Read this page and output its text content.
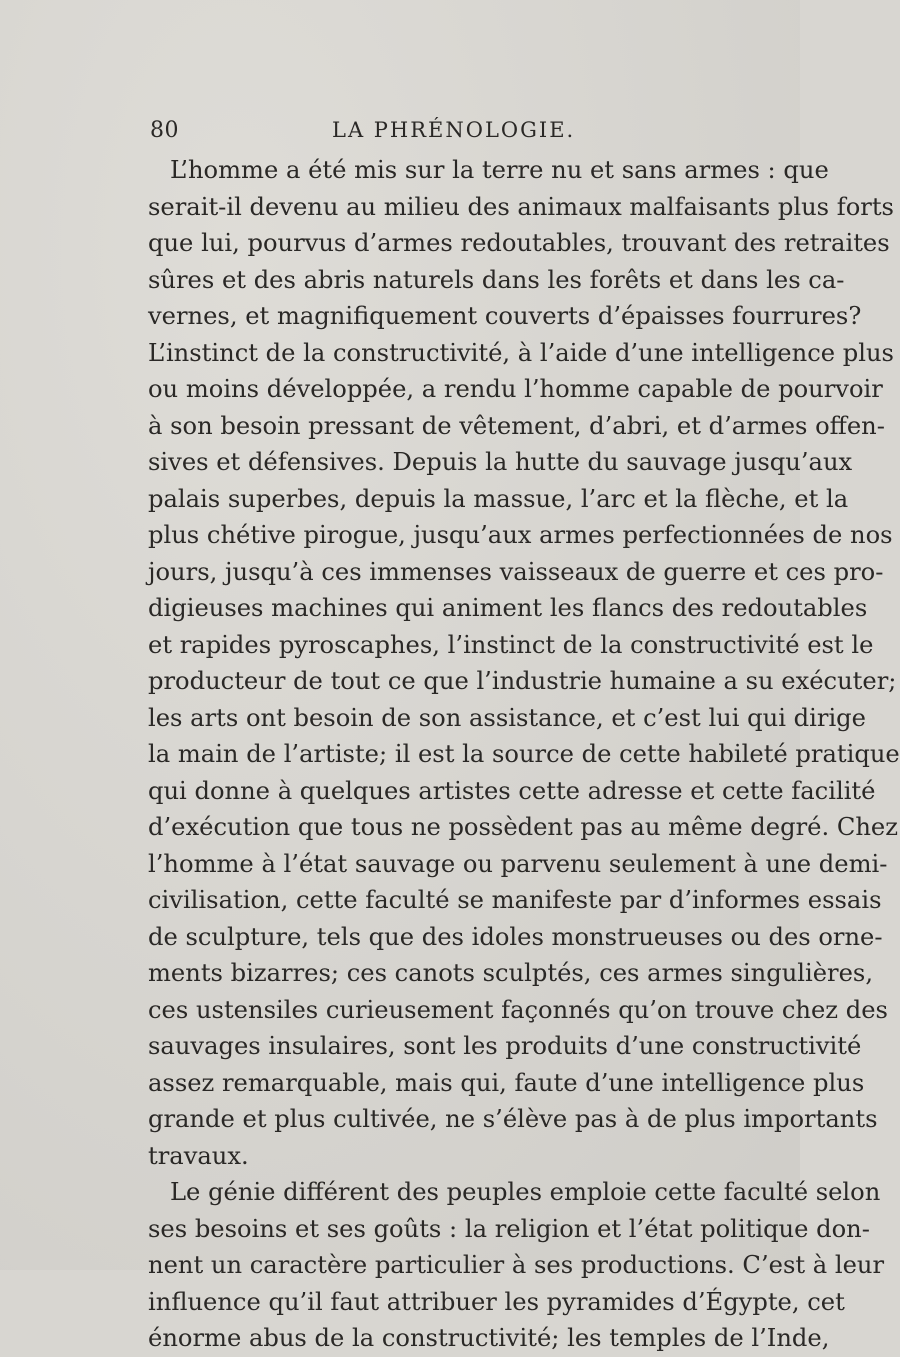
80	LA PHRÉNOLOGIE.
L’homme a été mis sur la terre nu et sans armes : que
serait-il devenu au milieu des animaux malfaisants plus forts
que lui, pourvus d’armes redoutables, trouvant des retraites
sûres et des abris naturels dans les forêts et dans les ca-
vernes, et magnifiquement couverts d’épaisses fourrures?
L’instinct de la constructivité, à l’aide d’une intelligence plus
ou moins développée, a rendu l’homme capable de pourvoir
à son besoin pressant de vêtement, d’abri, et d’armes offen-
sives et défensives. Depuis la hutte du sauvage jusqu’aux
palais superbes, depuis la massue, l’arc et la flèche, et la
plus chétive pirogue, jusqu’aux armes perfectionnées de nos
jours, jusqu’à ces immenses vaisseaux de guerre et ces pro-
digieuses machines qui animent les flancs des redoutables
et rapides pyroscaphes, l’instinct de la constructivité est le
producteur de tout ce que l’industrie humaine a su exécuter;
les arts ont besoin de son assistance, et c’est lui qui dirige
la main de l’artiste; il est la source de cette habileté pratique
qui donne à quelques artistes cette adresse et cette facilité
d’exécution que tous ne possèdent pas au même degré. Chez
l’homme à l’état sauvage ou parvenu seulement à une demi-
civilisation, cette faculté se manifeste par d’informes essais
de sculpture, tels que des idoles monstrueuses ou des orne-
ments bizarres; ces canots sculptés, ces armes singulières,
ces ustensiles curieusement façonnés qu’on trouve chez des
sauvages insulaires, sont les produits d’une constructivité
assez remarquable, mais qui, faute d’une intelligence plus
grande et plus cultivée, ne s’élève pas à de plus importants
travaux.
Le génie différent des peuples emploie cette faculté selon
ses besoins et ses goûts : la religion et l’état politique don-
nent un caractère particulier à ses productions. C’est à leur
influence qu’il faut attribuer les pyramides d’Égypte, cet
énorme abus de la constructivité; les temples de l’Inde,
